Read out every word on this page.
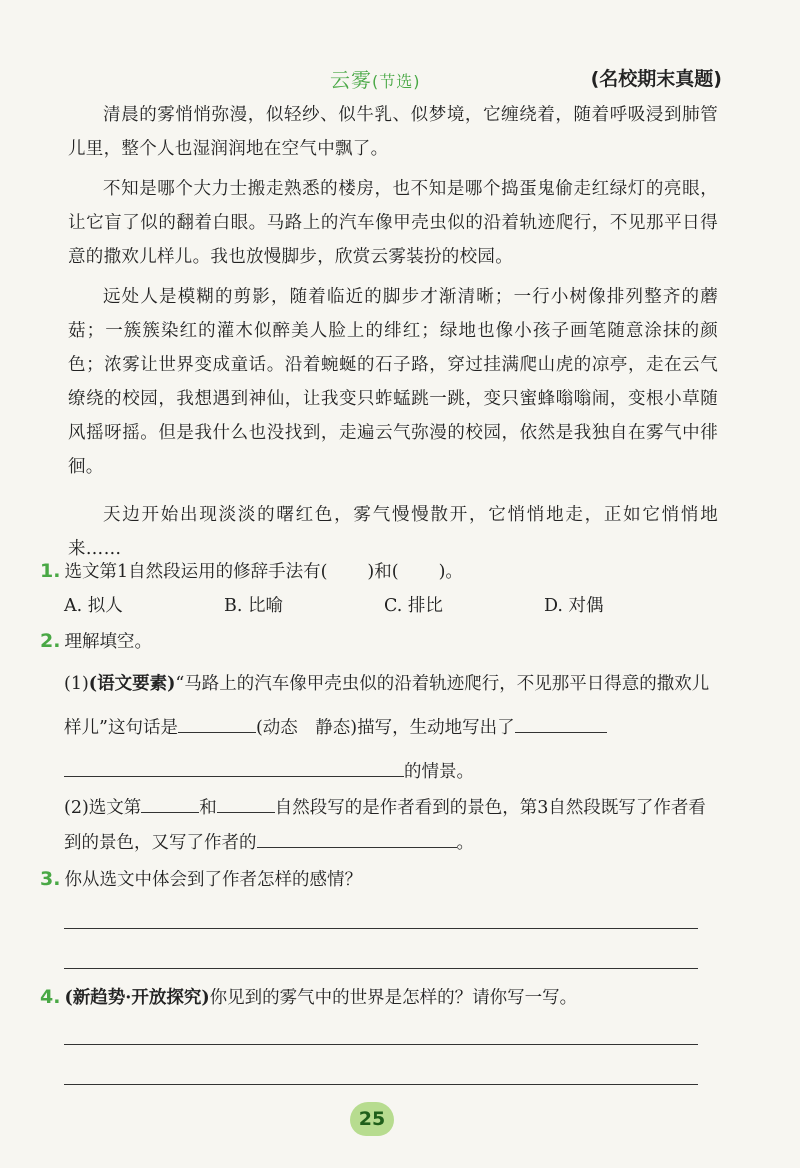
云雾(节选)	(名校期末真题)
清晨的雾悄悄弥漫，似轻纱、似牛乳、似梦境，它缠绕着，随着呼吸浸到肺管儿里，整个人也湿润润地在空气中飘了。
不知是哪个大力士搬走熟悉的楼房，也不知是哪个捣蛋鬼偷走红绿灯的亮眼，让它盲了似的翻着白眼。马路上的汽车像甲壳虫似的沿着轨迹爬行，不见那平日得意的撒欢儿样儿。我也放慢脚步，欣赏云雾装扮的校园。
远处人是模糊的剪影，随着临近的脚步才渐清晰；一行小树像排列整齐的蘑菇；一簇簇染红的灌木似醉美人脸上的绯红；绿地也像小孩子画笔随意涂抹的颜色；浓雾让世界变成童话。沿着蜿蜒的石子路，穿过挂满爬山虎的凉亭，走在云气缭绕的校园，我想遇到神仙，让我变只蚱蜢跳一跳，变只蜜蜂嗡嗡闹，变根小草随风摇呀摇。但是我什么也没找到，走遍云气弥漫的校园，依然是我独自在雾气中徘徊。
天边开始出现淡淡的曙红色，雾气慢慢散开，它悄悄地走，正如它悄悄地来……
1. 选文第1自然段运用的修辞手法有( )和( )。
A. 拟人	B. 比喻	C. 排比	D. 对偶
2. 理解填空。
(1)(语文要素)“马路上的汽车像甲壳虫似的沿着轨迹爬行，不见那平日得意的撒欢儿样儿”这句话是	(动态　静态)描写，生动地写出了
的情景。
(2)选文第	和	自然段写的是作者看到的景色，第3自然段既写了作者看到的景色，又写了作者的	。
3. 你从选文中体会到了作者怎样的感情？
4. (新趋势·开放探究)你见到的雾气中的世界是怎样的？请你写一写。
25
